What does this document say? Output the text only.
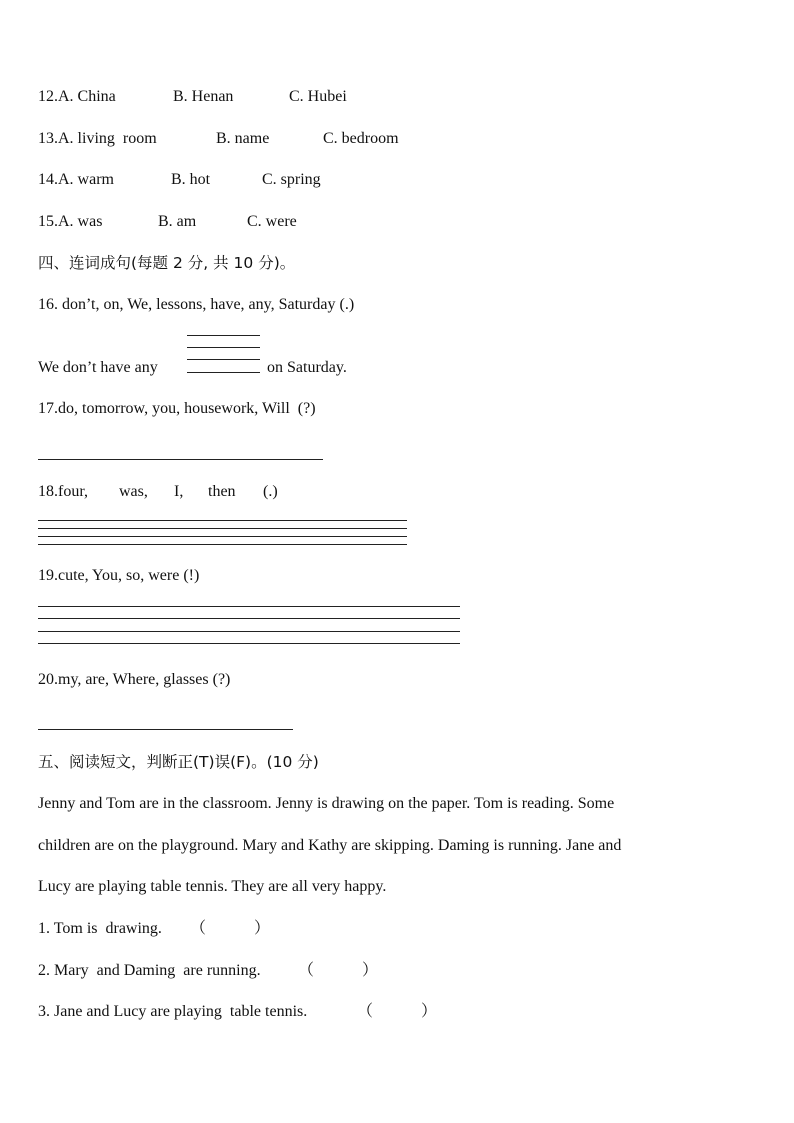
12.A. China	B. Henan	C. Hubei
13.A. living  room	B. name	C. bedroom
14.A. warm	B. hot	C. spring
15.A. was	B. am	C. were
四、连词成句(每题 2 分, 共 10 分)。
16. don’t, on, We, lessons, have, any, Saturday (.)
We don’t have any	on Saturday.
17.do, tomorrow, you, housework, Will  (?)
18.four, was, I, then (.)
19.cute, You, so, were (!)
20.my, are, Where, glasses (?)
五、阅读短文，判断正(T)误(F)。(10 分)
Jenny and Tom are in the classroom. Jenny is drawing on the paper. Tom is reading. Some
children are on the playground. Mary and Kathy are skipping. Daming is running. Jane and
Lucy are playing table tennis. They are all very happy.
1. Tom is  drawing. （            ）
2. Mary  and Daming  are running. （            ）
3. Jane and Lucy are playing  table tennis.	（            ）
